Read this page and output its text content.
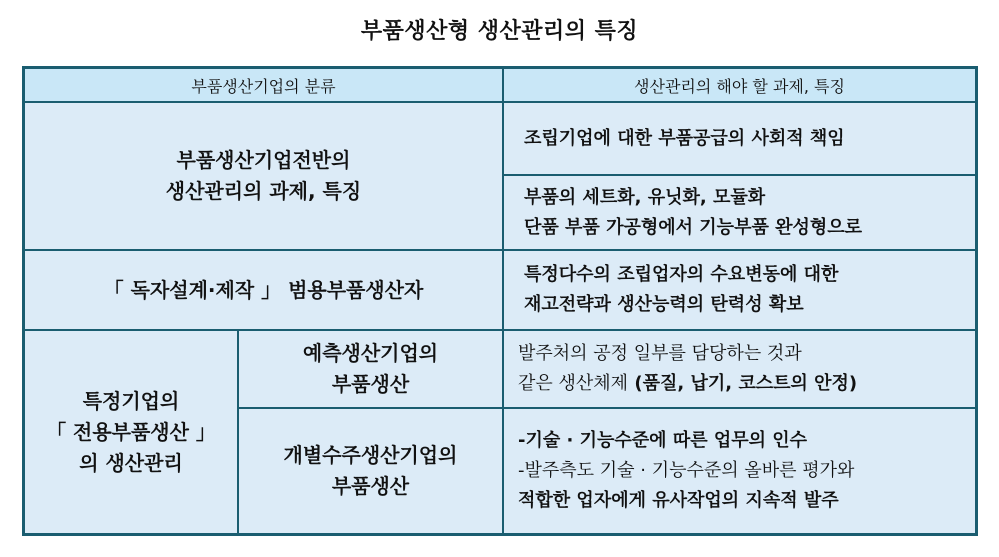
부품생산형 생산관리의 특징
부품생산기업의 분류	생산관리의 해야 할 과제, 특징
부품생산기업전반의
생산관리의 과제, 특징
조립기업에 대한 부품공급의 사회적 책임
부품의 세트화, 유닛화, 모듈화
단품 부품 가공형에서 기능부품 완성형으로
「 독자설계·제작 」 범용부품생산자
특정다수의 조립업자의 수요변동에 대한
재고전략과 생산능력의 탄력성 확보
특정기업의
「 전용부품생산 」
의 생산관리
예측생산기업의
부품생산
발주처의 공정 일부를 담당하는 것과
같은 생산체제 (품질, 납기, 코스트의 안정)
개별수주생산기업의
부품생산
-기술 · 기능수준에 따른 업무의 인수
-발주측도 기술 · 기능수준의 올바른 평가와
적합한 업자에게 유사작업의 지속적 발주
